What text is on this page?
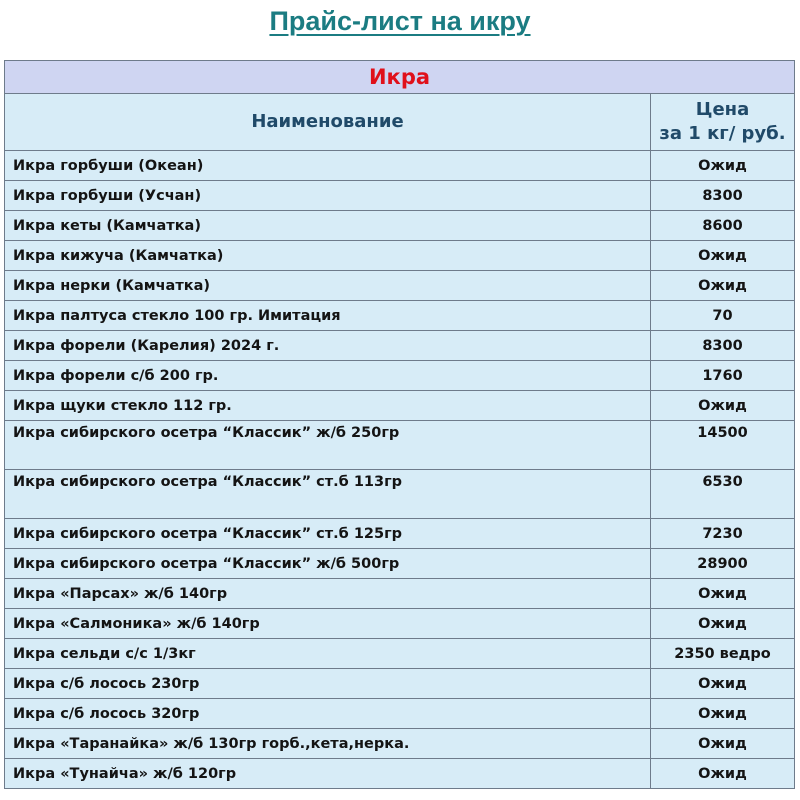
Прайс-лист на икру
Икра	
Наименование	Цена
за 1 кг/ руб.

Икра горбуши (Океан)	Ожид
Икра горбуши (Усчан)	8300
Икра кеты (Камчатка)	8600
Икра кижуча (Камчатка)	Ожид
Икра нерки (Камчатка)	Ожид
Икра палтуса стекло 100 гр. Имитация	70
Икра форели (Карелия) 2024 г.	8300
Икра форели с/б 200 гр.	1760
Икра щуки стекло 112 гр.	Ожид
Икра сибирского осетра “Классик” ж/б 250гр	14500
Икра сибирского осетра “Классик” ст.б 113гр	6530
Икра сибирского осетра “Классик” ст.б 125гр	7230
Икра сибирского осетра “Классик” ж/б 500гр	28900
Икра «Парсах» ж/б 140гр	Ожид
Икра «Салмоника» ж/б 140гр	Ожид
Икра сельди с/с 1/3кг	2350 ведро
Икра с/б лосось 230гр	Ожид
Икра с/б лосось 320гр	Ожид
Икра «Таранайка» ж/б 130гр горб.,кета,нерка.	Ожид
Икра «Тунайча» ж/б 120гр	Ожид
